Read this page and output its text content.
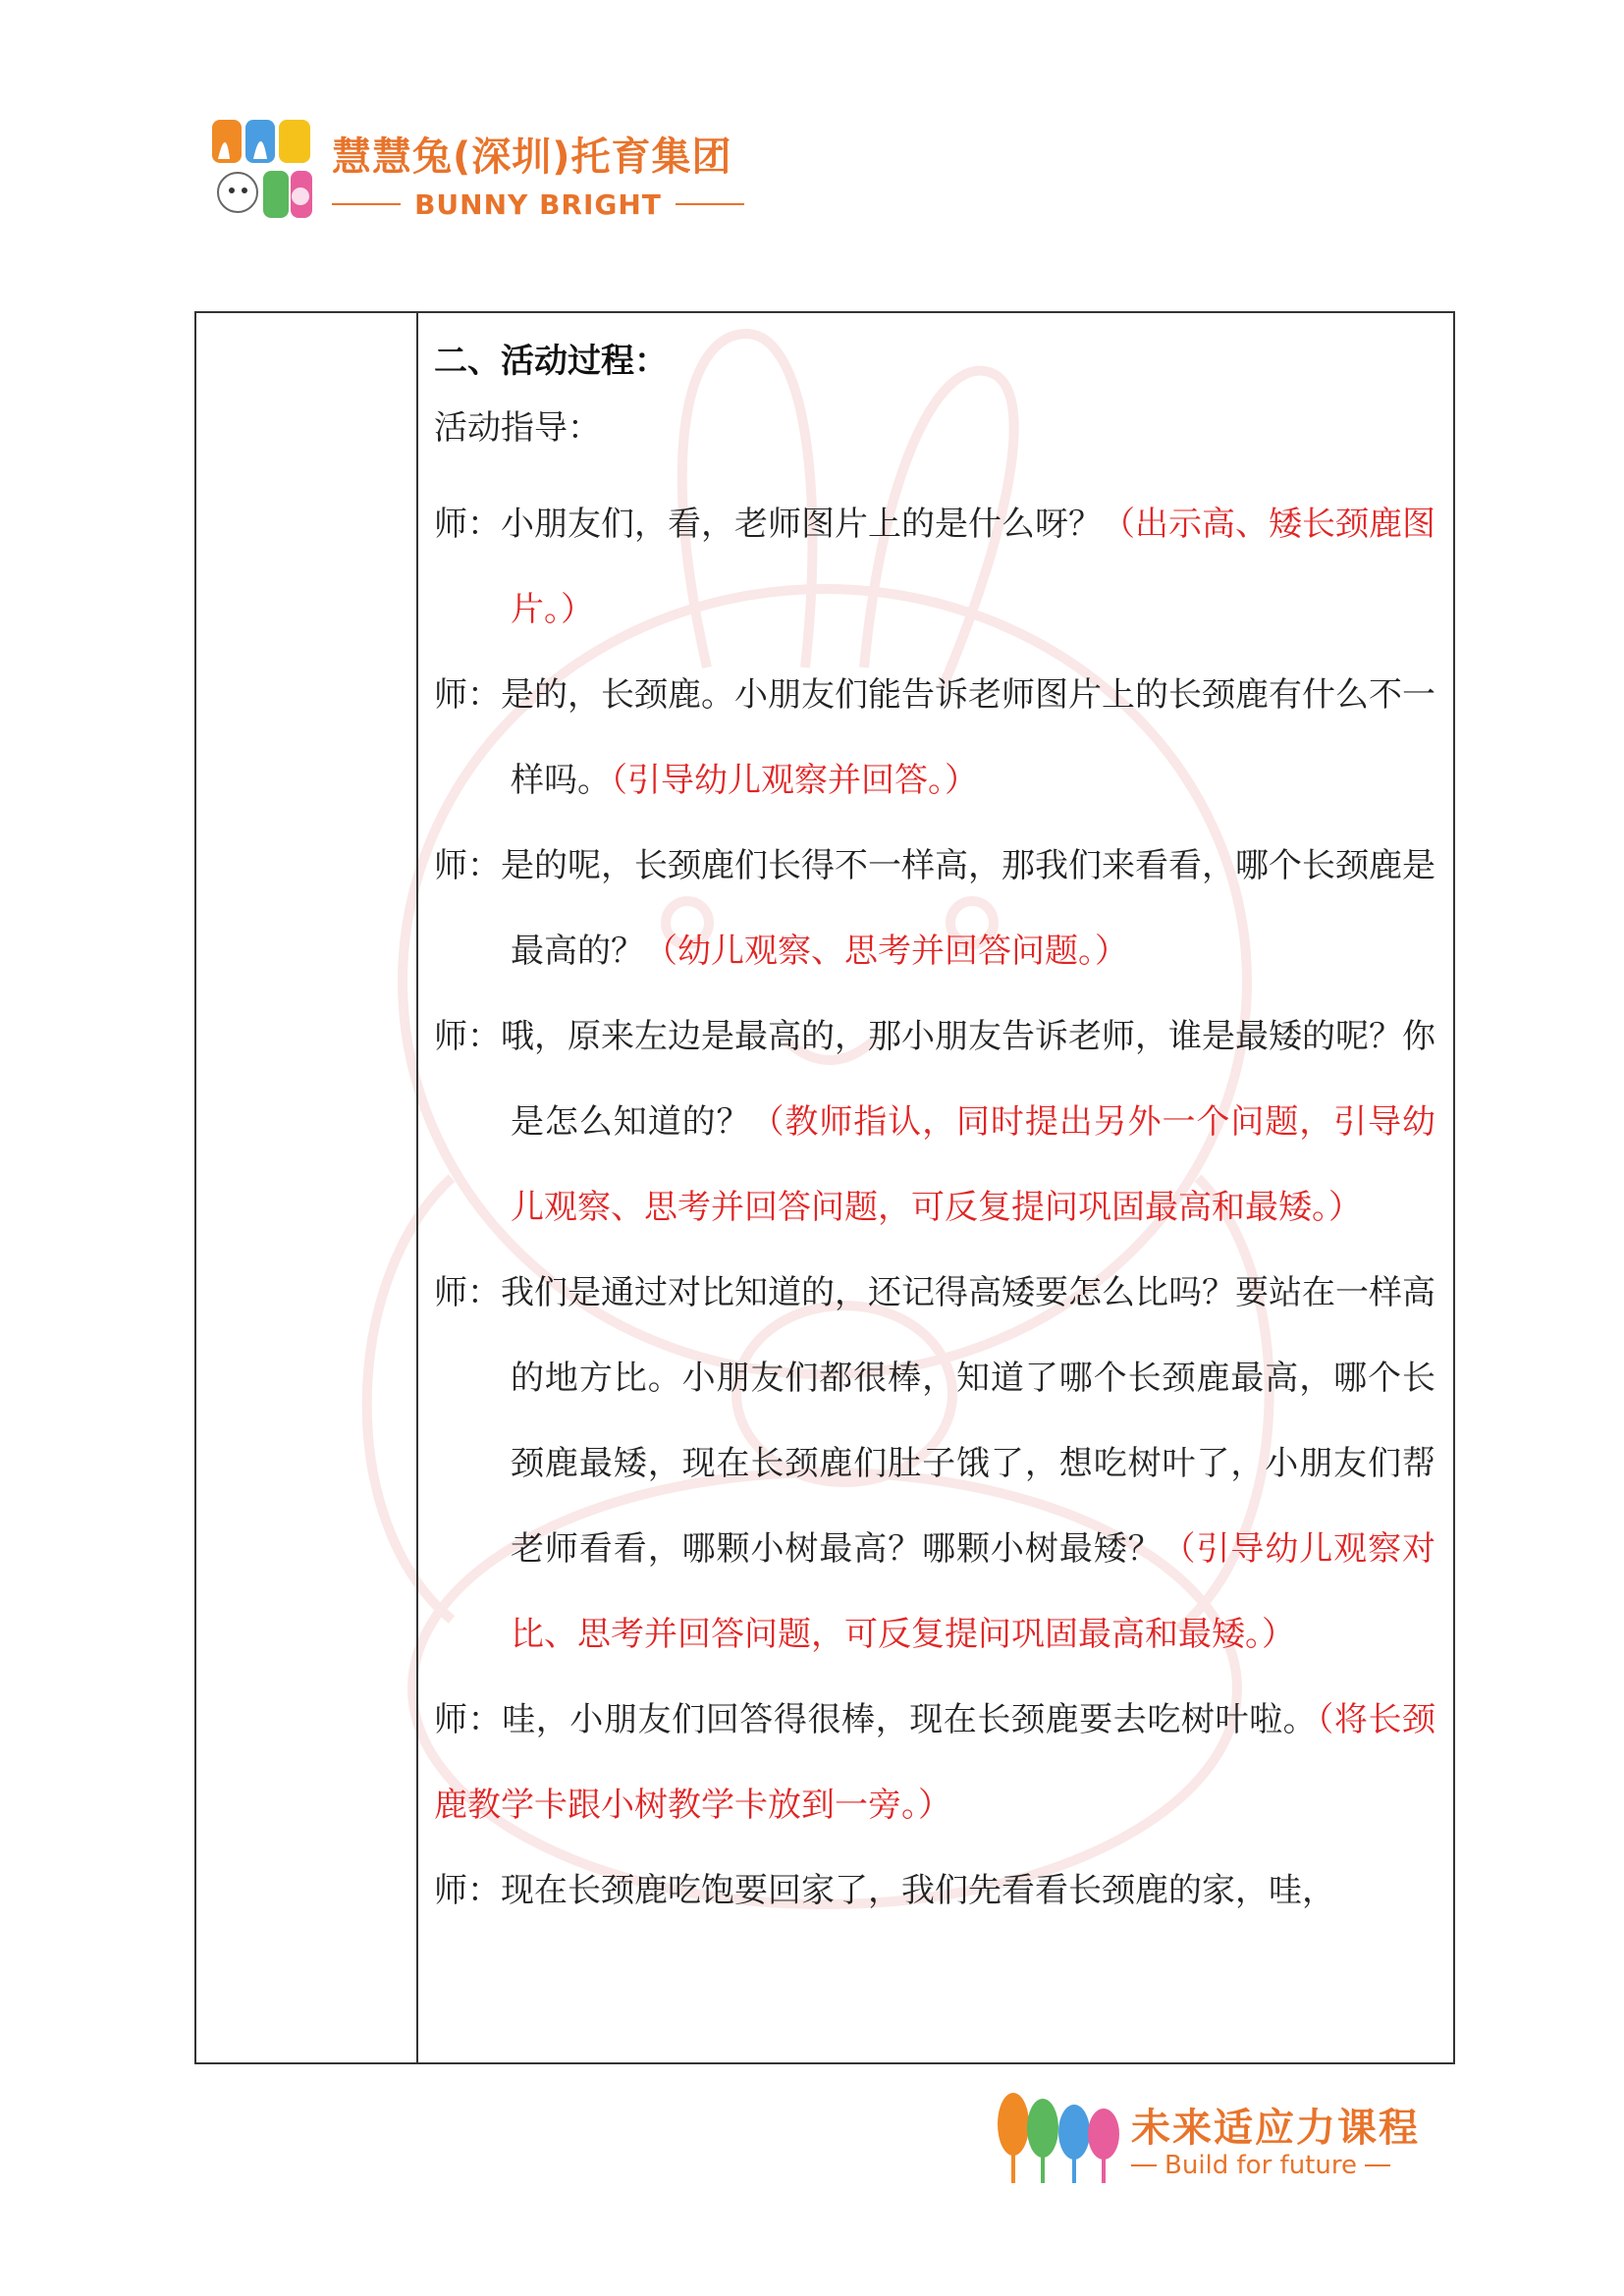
慧慧兔(深圳)托育集团
BUNNY BRIGHT
二、活动过程：
活动指导：
师：小朋友们，看，老师图片上的是什么呀？（出示高、矮长颈鹿图片。）
师：是的，长颈鹿。小朋友们能告诉老师图片上的长颈鹿有什么不一样吗。（引导幼儿观察并回答。）
师：是的呢，长颈鹿们长得不一样高，那我们来看看，哪个长颈鹿是最高的？（幼儿观察、思考并回答问题。）
师：哦，原来左边是最高的，那小朋友告诉老师，谁是最矮的呢？你是怎么知道的？（教师指认，同时提出另外一个问题，引导幼儿观察、思考并回答问题，可反复提问巩固最高和最矮。）
师：我们是通过对比知道的，还记得高矮要怎么比吗？要站在一样高的地方比。小朋友们都很棒，知道了哪个长颈鹿最高，哪个长颈鹿最矮，现在长颈鹿们肚子饿了，想吃树叶了，小朋友们帮老师看看，哪颗小树最高？哪颗小树最矮？（引导幼儿观察对比、思考并回答问题，可反复提问巩固最高和最矮。）
师：哇，小朋友们回答得很棒，现在长颈鹿要去吃树叶啦。（将长颈鹿教学卡跟小树教学卡放到一旁。）
师：现在长颈鹿吃饱要回家了，我们先看看长颈鹿的家，哇，
未来适应力课程
Build for future
